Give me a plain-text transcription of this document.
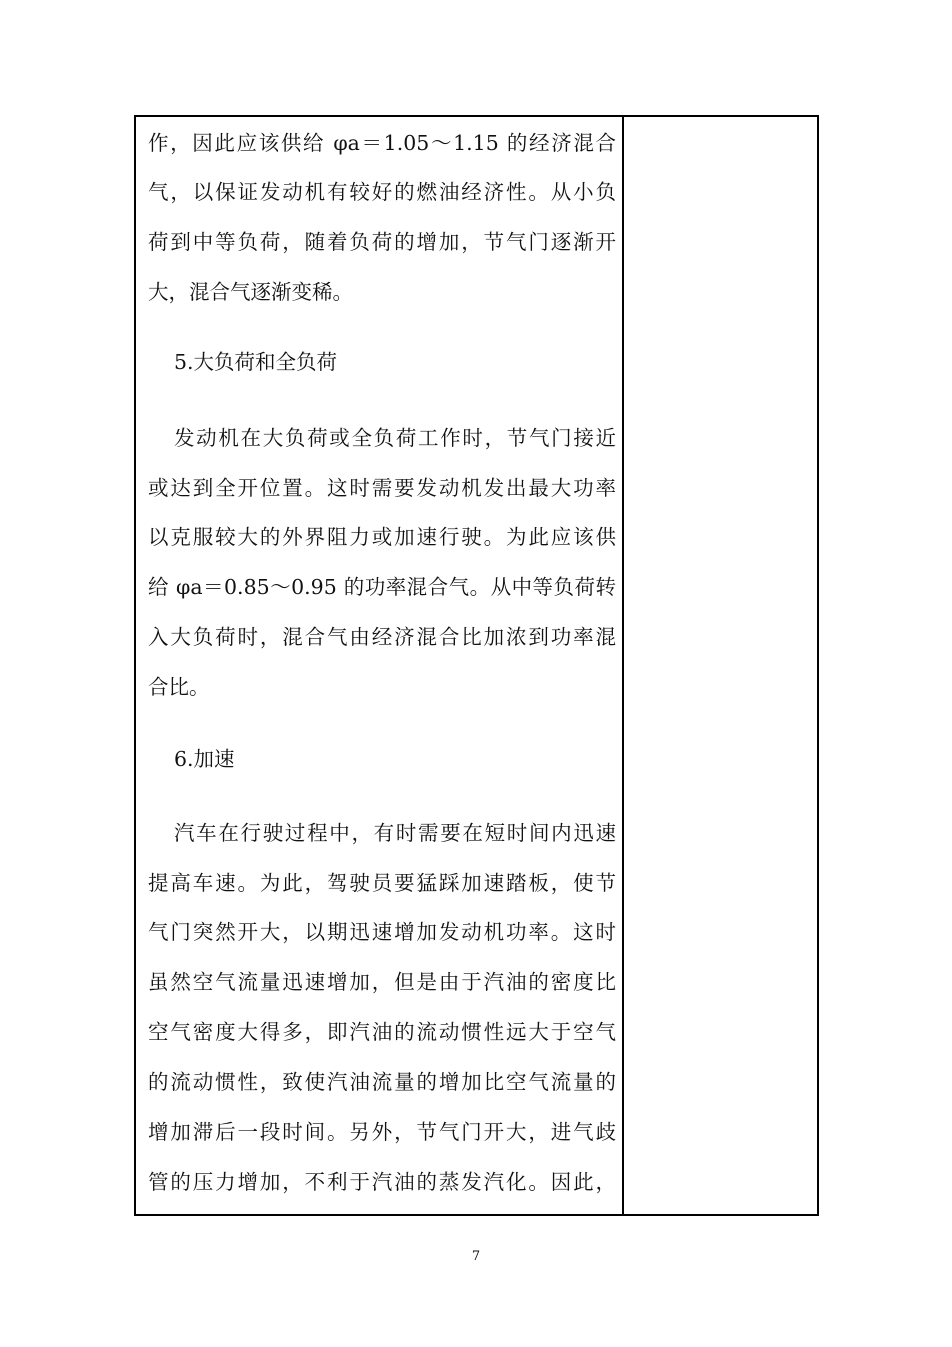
作，因此应该供给 φa＝1.05～1.15 的经济混合
气，以保证发动机有较好的燃油经济性。从小负
荷到中等负荷，随着负荷的增加，节气门逐渐开
大，混合气逐渐变稀。
5.大负荷和全负荷
发动机在大负荷或全负荷工作时，节气门接近
或达到全开位置。这时需要发动机发出最大功率
以克服较大的外界阻力或加速行驶。为此应该供
给 φa＝0.85～0.95 的功率混合气。从中等负荷转
入大负荷时，混合气由经济混合比加浓到功率混
合比。
6.加速
汽车在行驶过程中，有时需要在短时间内迅速
提高车速。为此，驾驶员要猛踩加速踏板，使节
气门突然开大，以期迅速增加发动机功率。这时
虽然空气流量迅速增加，但是由于汽油的密度比
空气密度大得多，即汽油的流动惯性远大于空气
的流动惯性，致使汽油流量的增加比空气流量的
增加滞后一段时间。另外，节气门开大，进气歧
管的压力增加，不利于汽油的蒸发汽化。因此，
7
